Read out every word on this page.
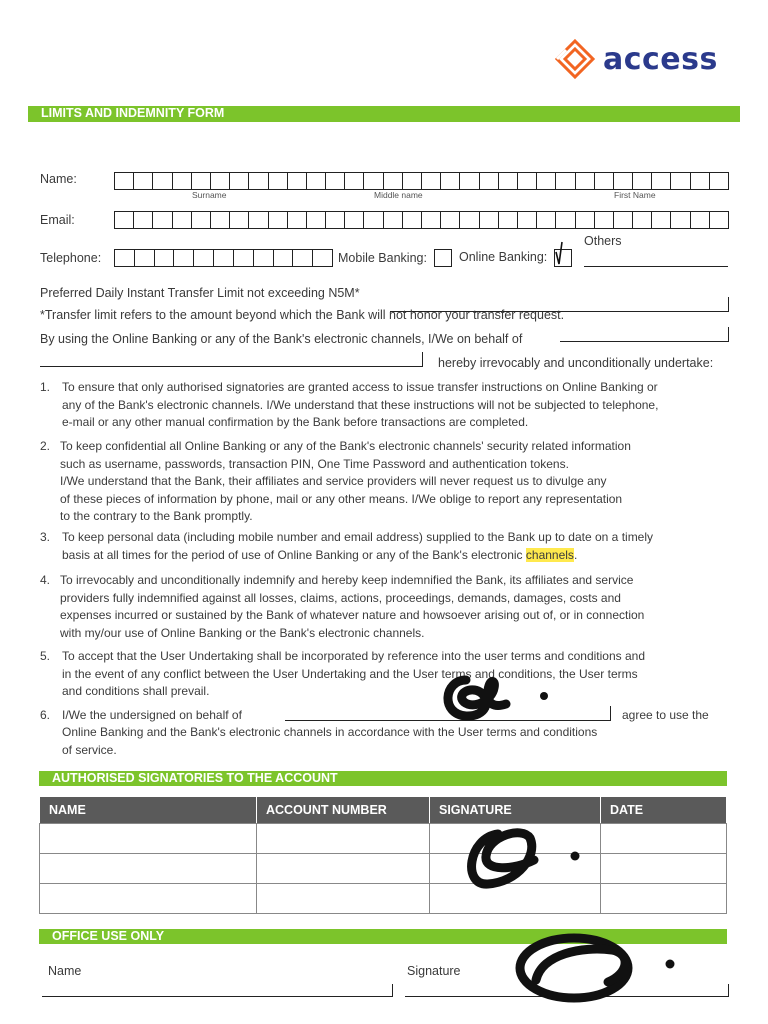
access
LIMITS AND INDEMNITY FORM
Name:
Surname	Middle name	First Name
Email:
Telephone:	Mobile Banking:	Online Banking:
Others
Preferred Daily Instant Transfer Limit not exceeding N5M*
*Transfer limit refers to the amount beyond which the Bank will not honor your transfer request.
By using the Online Banking or any of the Bank's electronic channels, I/We on behalf of
hereby irrevocably and unconditionally undertake:
1. To ensure that only authorised signatories are granted access to issue transfer instructions on Online Banking or
any of the Bank's electronic channels. I/We understand that these instructions will not be subjected to telephone,
e-mail or any other manual confirmation by the Bank before transactions are completed.
2. To keep confidential all Online Banking or any of the Bank's electronic channels' security related information
such as username, passwords, transaction PIN, One Time Password and authentication tokens.
I/We understand that the Bank, their affiliates and service providers will never request us to divulge any
of these pieces of information by phone, mail or any other means. I/We oblige to report any representation
to the contrary to the Bank promptly.
3. To keep personal data (including mobile number and email address) supplied to the Bank up to date on a timely
basis at all times for the period of use of Online Banking or any of the Bank's electronic channels.
4. To irrevocably and unconditionally indemnify and hereby keep indemnified the Bank, its affiliates and service
providers fully indemnified against all losses, claims, actions, proceedings, demands, damages, costs and
expenses incurred or sustained by the Bank of whatever nature and howsoever arising out of, or in connection
with my/our use of Online Banking or the Bank's electronic channels.
5. To accept that the User Undertaking shall be incorporated by reference into the user terms and conditions and
in the event of any conflict between the User Undertaking and the User terms and conditions, the User terms
and conditions shall prevail.
6. I/We the undersigned on behalf of	agree to use the
Online Banking and the Bank's electronic channels in accordance with the User terms and conditions
of service.
AUTHORISED SIGNATORIES TO THE ACCOUNT
NAME	ACCOUNT NUMBER	SIGNATURE	DATE

OFFICE USE ONLY
Name	Signature
